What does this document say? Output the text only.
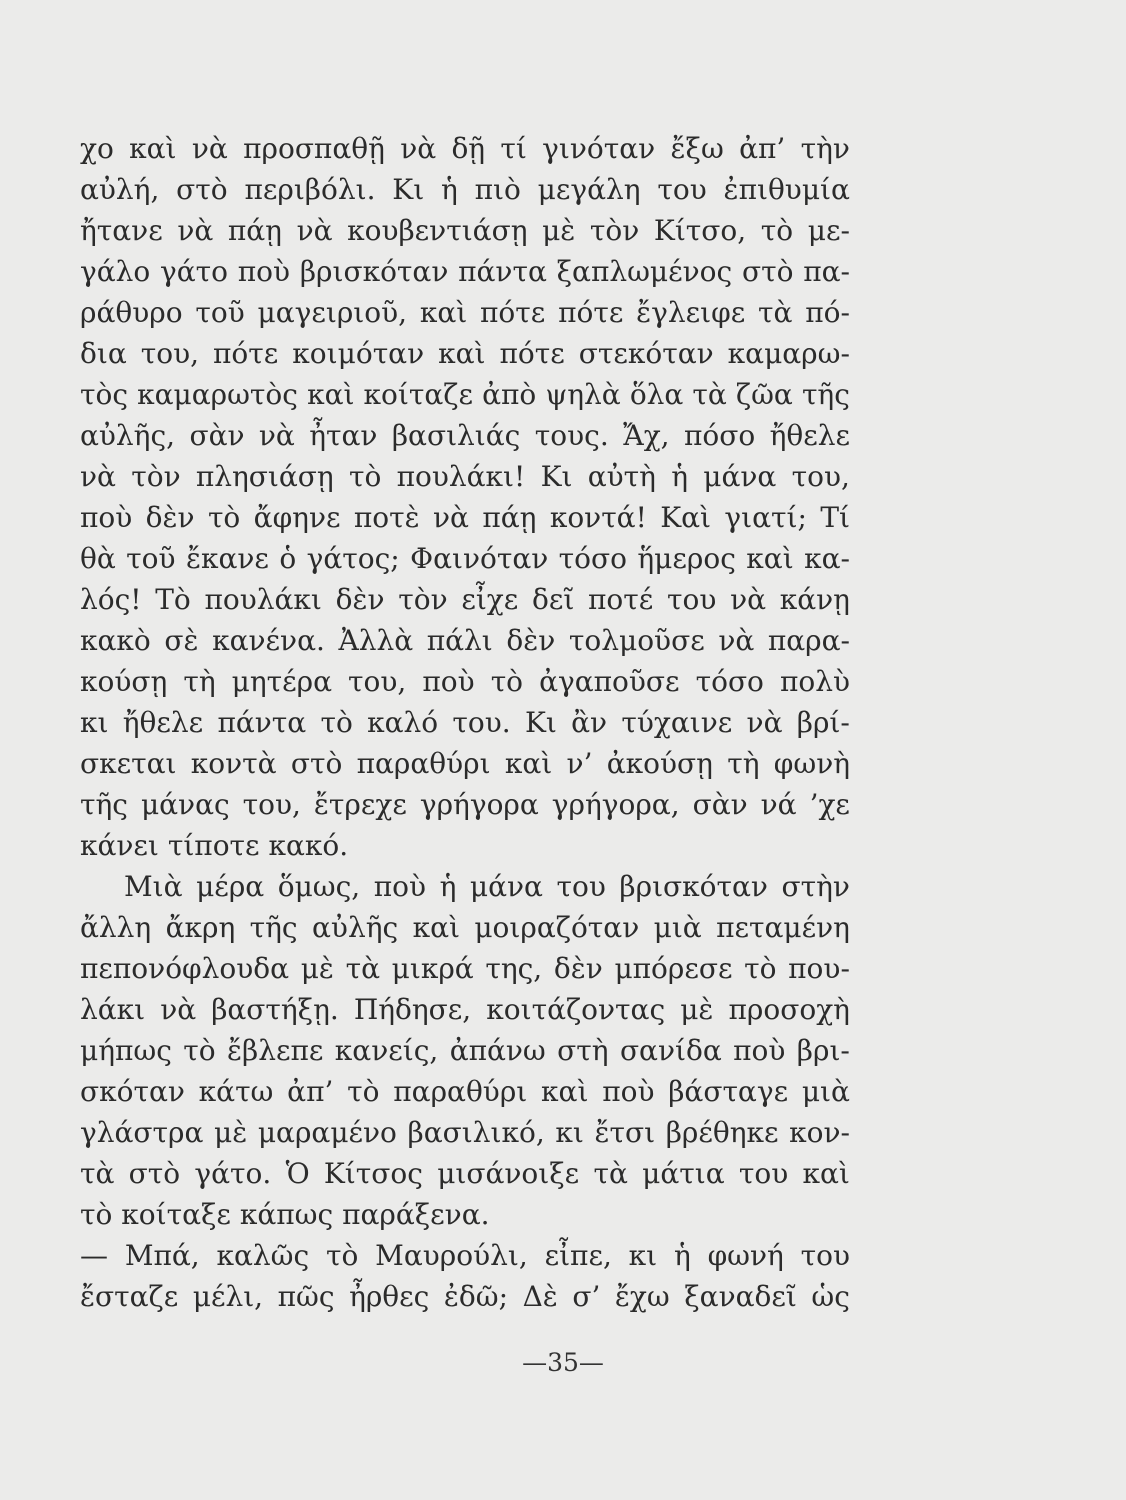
χο καὶ νὰ προσπαθῇ νὰ δῇ τί γινόταν ἔξω ἀπ’ τὴν
αὐλή, στὸ περιβόλι. Κι ἡ πιὸ μεγάλη του ἐπιθυμία
ἤτανε νὰ πάῃ νὰ κουβεντιάσῃ μὲ τὸν Κίτσο, τὸ με-
γάλο γάτο ποὺ βρισκόταν πάντα ξαπλωμένος στὸ πα-
ράθυρο τοῦ μαγειριοῦ, καὶ πότε πότε ἔγλειφε τὰ πό-
δια του, πότε κοιμόταν καὶ πότε στεκόταν καμαρω-
τὸς καμαρωτὸς καὶ κοίταζε ἀπὸ ψηλὰ ὅλα τὰ ζῶα τῆς
αὐλῆς, σὰν νὰ ἦταν βασιλιάς τους. Ἄχ, πόσο ἤθελε
νὰ τὸν πλησιάσῃ τὸ πουλάκι! Κι αὐτὴ ἡ μάνα του,
ποὺ δὲν τὸ ἄφηνε ποτὲ νὰ πάῃ κοντά! Καὶ γιατί; Τί
θὰ τοῦ ἔκανε ὁ γάτος; Φαινόταν τόσο ἥμερος καὶ κα-
λός! Τὸ πουλάκι δὲν τὸν εἶχε δεῖ ποτέ του νὰ κάνῃ
κακὸ σὲ κανένα. Ἀλλὰ πάλι δὲν τολμοῦσε νὰ παρα-
κούσῃ τὴ μητέρα του, ποὺ τὸ ἀγαποῦσε τόσο πολὺ
κι ἤθελε πάντα τὸ καλό του. Κι ἂν τύχαινε νὰ βρί-
σκεται κοντὰ στὸ παραθύρι καὶ ν’ ἀκούσῃ τὴ φωνὴ
τῆς μάνας του, ἔτρεχε γρήγορα γρήγορα, σὰν νά ’χε
κάνει
τίποτε
κακό.

Μιὰ μέρα ὅμως, ποὺ ἡ μάνα του βρισκόταν στὴν
ἄλλη ἄκρη τῆς αὐλῆς καὶ μοιραζόταν μιὰ πεταμένη
πεπονόφλουδα μὲ τὰ μικρά της, δὲν μπόρεσε τὸ που-
λάκι νὰ βαστήξῃ. Πήδησε, κοιτάζοντας μὲ προσοχὴ
μήπως τὸ ἔβλεπε κανείς, ἀπάνω στὴ σανίδα ποὺ βρι-
σκόταν κάτω ἀπ’ τὸ παραθύρι καὶ ποὺ βάσταγε μιὰ
γλάστρα μὲ μαραμένο βασιλικό, κι ἔτσι βρέθηκε κον-
τὰ στὸ γάτο. Ὁ Κίτσος μισάνοιξε τὰ μάτια του καὶ
τὸ
κοίταξε
κάπως
παράξενα.

— Μπά, καλῶς τὸ Μαυρούλι, εἶπε, κι ἡ φωνή του
ἔσταζε μέλι, πῶς ἦρθες ἐδῶ; Δὲ σ’ ἔχω ξαναδεῖ ὡς
—35—
